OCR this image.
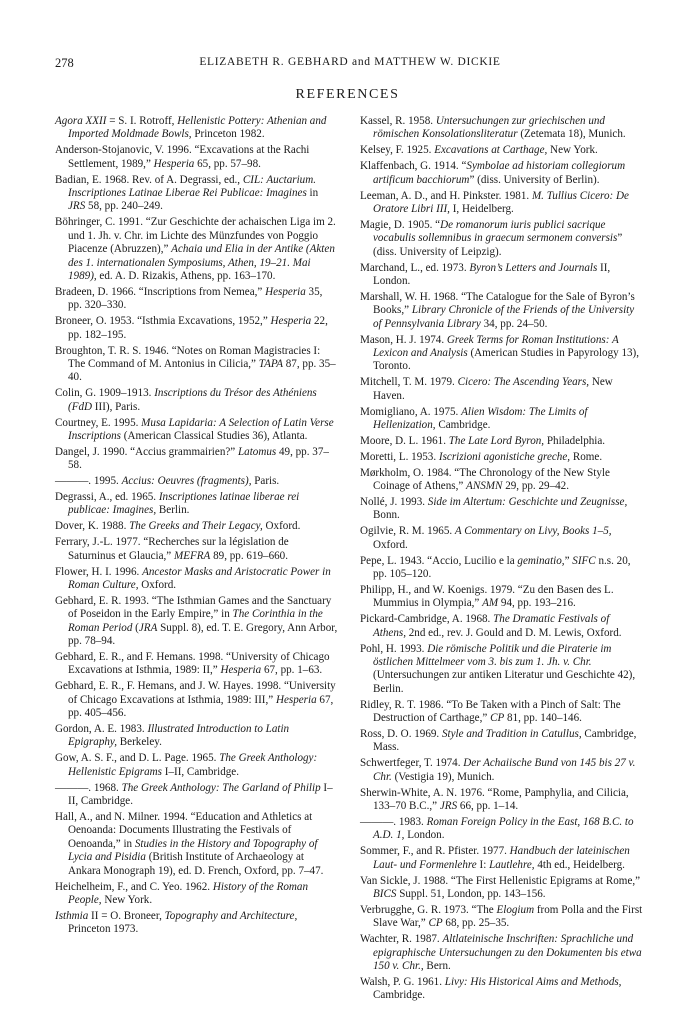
278	ELIZABETH R. GEBHARD and MATTHEW W. DICKIE
REFERENCES

Agora XXII = S. I. Rotroff, Hellenistic Pottery: Athenian and Imported Moldmade Bowls, Princeton 1982.

Anderson-Stojanovic, V. 1996. “Excavations at the Rachi Settlement, 1989,” Hesperia 65, pp. 57–98.

Badian, E. 1968. Rev. of A. Degrassi, ed., CIL: Auctarium. Inscriptiones Latinae Liberae Rei Publicae: Imagines in JRS 58, pp. 240–249.

Böhringer, C. 1991. “Zur Geschichte der achaischen Liga im 2. und 1. Jh. v. Chr. im Lichte des Münzfundes von Poggio Piacenze (Abruzzen),” Achaia und Elia in der Antike (Akten des 1. internationalen Symposiums, Athen, 19–21. Mai 1989), ed. A. D. Rizakis, Athens, pp. 163–170.

Bradeen, D. 1966. “Inscriptions from Nemea,” Hesperia 35, pp. 320–330.

Broneer, O. 1953. “Isthmia Excavations, 1952,” Hesperia 22, pp. 182–195.

Broughton, T. R. S. 1946. “Notes on Roman Magistracies I: The Command of M. Antonius in Cilicia,” TAPA 87, pp. 35–40.

Colin, G. 1909–1913. Inscriptions du Trésor des Athéniens (FdD III), Paris.

Courtney, E. 1995. Musa Lapidaria: A Selection of Latin Verse Inscriptions (American Classical Studies 36), Atlanta.

Dangel, J. 1990. “Accius grammairien?” Latomus 49, pp. 37–58.

———. 1995. Accius: Oeuvres (fragments), Paris.

Degrassi, A., ed. 1965. Inscriptiones latinae liberae rei publicae: Imagines, Berlin.

Dover, K. 1988. The Greeks and Their Legacy, Oxford.

Ferrary, J.-L. 1977. “Recherches sur la législation de Saturninus et Glaucia,” MEFRA 89, pp. 619–660.

Flower, H. I. 1996. Ancestor Masks and Aristocratic Power in Roman Culture, Oxford.

Gebhard, E. R. 1993. “The Isthmian Games and the Sanctuary of Poseidon in the Early Empire,” in The Corinthia in the Roman Period (JRA Suppl. 8), ed. T. E. Gregory, Ann Arbor, pp. 78–94.

Gebhard, E. R., and F. Hemans. 1998. “University of Chicago Excavations at Isthmia, 1989: II,” Hesperia 67, pp. 1–63.

Gebhard, E. R., F. Hemans, and J. W. Hayes. 1998. “University of Chicago Excavations at Isthmia, 1989: III,” Hesperia 67, pp. 405–456.

Gordon, A. E. 1983. Illustrated Introduction to Latin Epigraphy, Berkeley.

Gow, A. S. F., and D. L. Page. 1965. The Greek Anthology: Hellenistic Epigrams I–II, Cambridge.

———. 1968. The Greek Anthology: The Garland of Philip I–II, Cambridge.

Hall, A., and N. Milner. 1994. “Education and Athletics at Oenoanda: Documents Illustrating the Festivals of Oenoanda,” in Studies in the History and Topography of Lycia and Pisidia (British Institute of Archaeology at Ankara Monograph 19), ed. D. French, Oxford, pp. 7–47.

Heichelheim, F., and C. Yeo. 1962. History of the Roman People, New York.

Isthmia II = O. Broneer, Topography and Architecture, Princeton 1973.

Kassel, R. 1958. Untersuchungen zur griechischen und römischen Konsolationsliteratur (Zetemata 18), Munich.

Kelsey, F. 1925. Excavations at Carthage, New York.

Klaffenbach, G. 1914. “Symbolae ad historiam collegiorum artificum bacchiorum” (diss. University of Berlin).

Leeman, A. D., and H. Pinkster. 1981. M. Tullius Cicero: De Oratore Libri III, I, Heidelberg.

Magie, D. 1905. “De romanorum iuris publici sacrique vocabulis sollemnibus in graecum sermonem conversis” (diss. University of Leipzig).

Marchand, L., ed. 1973. Byron’s Letters and Journals II, London.

Marshall, W. H. 1968. “The Catalogue for the Sale of Byron’s Books,” Library Chronicle of the Friends of the University of Pennsylvania Library 34, pp. 24–50.

Mason, H. J. 1974. Greek Terms for Roman Institutions: A Lexicon and Analysis (American Studies in Papyrology 13), Toronto.

Mitchell, T. M. 1979. Cicero: The Ascending Years, New Haven.

Momigliano, A. 1975. Alien Wisdom: The Limits of Hellenization, Cambridge.

Moore, D. L. 1961. The Late Lord Byron, Philadelphia.

Moretti, L. 1953. Iscrizioni agonistiche greche, Rome.

Mørkholm, O. 1984. “The Chronology of the New Style Coinage of Athens,” ANSMN 29, pp. 29–42.

Nollé, J. 1993. Side im Altertum: Geschichte und Zeugnisse, Bonn.

Ogilvie, R. M. 1965. A Commentary on Livy, Books 1–5, Oxford.

Pepe, L. 1943. “Accio, Lucilio e la geminatio,” SIFC n.s. 20, pp. 105–120.

Philipp, H., and W. Koenigs. 1979. “Zu den Basen des L. Mummius in Olympia,” AM 94, pp. 193–216.

Pickard-Cambridge, A. 1968. The Dramatic Festivals of Athens, 2nd ed., rev. J. Gould and D. M. Lewis, Oxford.

Pohl, H. 1993. Die römische Politik und die Piraterie im östlichen Mittelmeer vom 3. bis zum 1. Jh. v. Chr. (Untersuchungen zur antiken Literatur und Geschichte 42), Berlin.

Ridley, R. T. 1986. “To Be Taken with a Pinch of Salt: The Destruction of Carthage,” CP 81, pp. 140–146.

Ross, D. O. 1969. Style and Tradition in Catullus, Cambridge, Mass.

Schwertfeger, T. 1974. Der Achaiische Bund von 145 bis 27 v. Chr. (Vestigia 19), Munich.

Sherwin-White, A. N. 1976. “Rome, Pamphylia, and Cilicia, 133–70 B.C.,” JRS 66, pp. 1–14.

———. 1983. Roman Foreign Policy in the East, 168 B.C. to A.D. 1, London.

Sommer, F., and R. Pfister. 1977. Handbuch der lateinischen Laut- und Formenlehre I: Lautlehre, 4th ed., Heidelberg.

Van Sickle, J. 1988. “The First Hellenistic Epigrams at Rome,” BICS Suppl. 51, London, pp. 143–156.

Verbrugghe, G. R. 1973. “The Elogium from Polla and the First Slave War,” CP 68, pp. 25–35.

Wachter, R. 1987. Altlateinische Inschriften: Sprachliche und epigraphische Untersuchungen zu den Dokumenten bis etwa 150 v. Chr., Bern.

Walsh, P. G. 1961. Livy: His Historical Aims and Methods, Cambridge.
